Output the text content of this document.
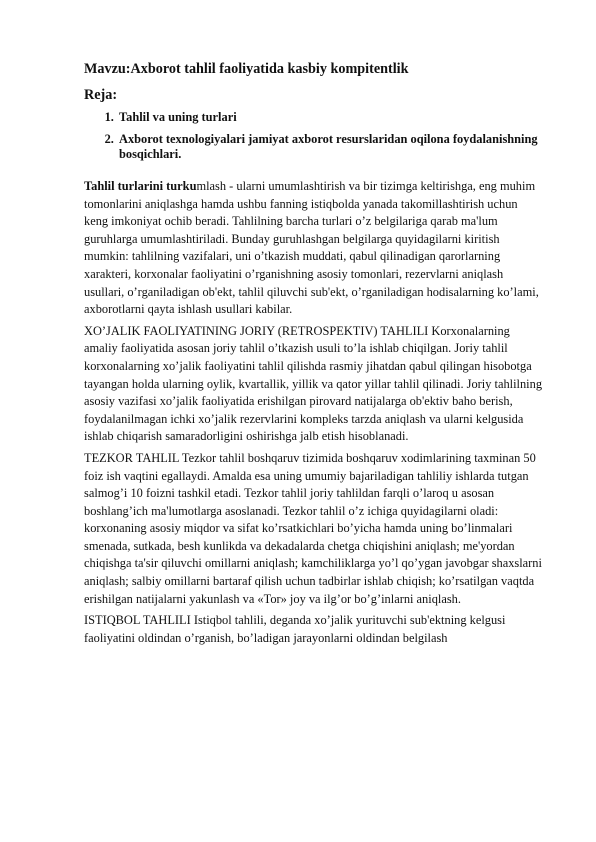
Mavzu:Axborot tahlil faoliyatida kasbiy kompitentlik
Reja:
1. Tahlil va uning turlari
2. Axborot texnologiyalari jamiyat axborot resurslaridan oqilona foydalanishning bosqichlari.

Tahlil turlarini turkumlash - ularni umumlashtirish va bir tizimga keltirishga, eng muhim tomonlarini aniqlashga hamda ushbu fanning istiqbolda yanada takomillashtirish uchun keng imkoniyat ochib beradi. Tahlilning barcha turlari o’z belgilariga qarab ma'lum guruhlarga umumlashtiriladi. Bunday guruhlashgan belgilarga quyidagilarni kiritish mumkin: tahlilning vazifalari, uni o’tkazish muddati, qabul qilinadigan qarorlarning xarakteri, korxonalar faoliyatini o’rganishning asosiy tomonlari, rezervlarni aniqlash usullari, o’rganiladigan ob'ekt, tahlil qiluvchi sub'ekt, o’rganiladigan hodisalarning ko’lami, axborotlarni qayta ishlash usullari kabilar.

XO’JALIK FAOLIYATINING JORIY (RETROSPEKTIV) TAHLILI Korxonalarning amaliy faoliyatida asosan joriy tahlil o’tkazish usuli to’la ishlab chiqilgan. Joriy tahlil korxonalarning xo’jalik faoliyatini tahlil qilishda rasmiy jihatdan qabul qilingan hisobotga tayangan holda ularning oylik, kvartallik, yillik va qator yillar tahlil qilinadi. Joriy tahlilning asosiy vazifasi xo’jalik faoliyatida erishilgan pirovard natijalarga ob'ektiv baho berish, foydalanilmagan ichki xo’jalik rezervlarini kompleks tarzda aniqlash va ularni kelgusida ishlab chiqarish samaradorligini oshirishga jalb etish hisoblanadi.

TEZKOR TAHLIL Tezkor tahlil boshqaruv tizimida boshqaruv xodimlarining taxminan 50 foiz ish vaqtini egallaydi. Amalda esa uning umumiy bajariladigan tahliliy ishlarda tutgan salmog’i 10 foizni tashkil etadi. Tezkor tahlil joriy tahlildan farqli o’laroq u asosan boshlang’ich ma'lumotlarga asoslanadi. Tezkor tahlil o’z ichiga quyidagilarni oladi: korxonaning asosiy miqdor va sifat ko’rsatkichlari bo’yicha hamda uning bo’linmalari smenada, sutkada, besh kunlikda va dekadalarda chetga chiqishini aniqlash; me'yordan chiqishga ta'sir qiluvchi omillarni aniqlash; kamchiliklarga yo’l qo’ygan javobgar shaxslarni aniqlash; salbiy omillarni bartaraf qilish uchun tadbirlar ishlab chiqish; ko’rsatilgan vaqtda erishilgan natijalarni yakunlash va «Tor» joy va ilg’or bo’g’inlarni aniqlash.

ISTIQBOL TAHLILI Istiqbol tahlili, deganda xo’jalik yurituvchi sub'ektning kelgusi faoliyatini oldindan o’rganish, bo’ladigan jarayonlarni oldindan belgilash
